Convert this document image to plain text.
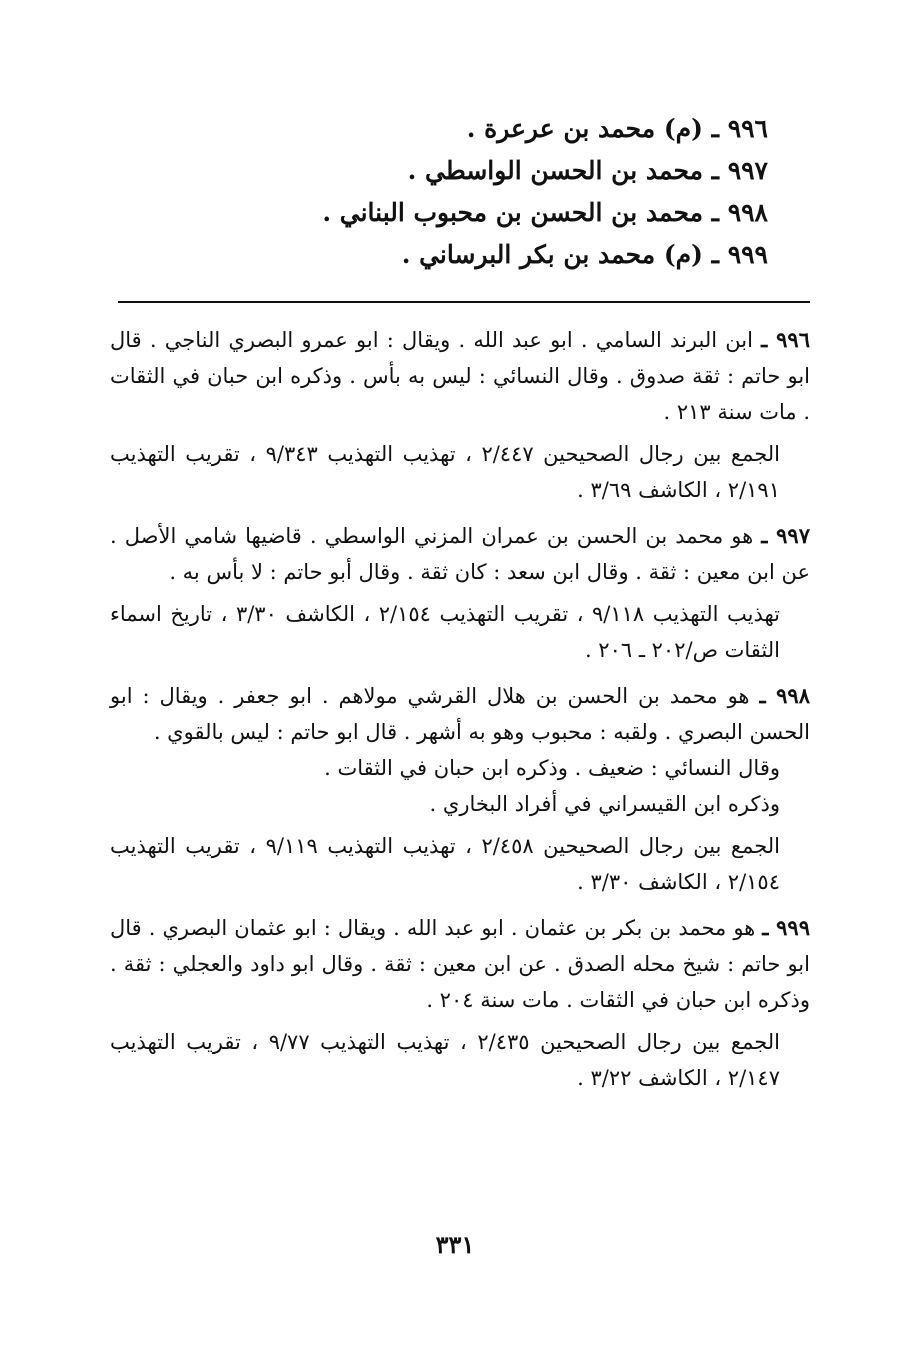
٩٩٦ ـ (م) محمد بن عرعرة .
٩٩٧ ـ محمد بن الحسن الواسطي .
٩٩٨ ـ محمد بن الحسن بن محبوب البناني .
٩٩٩ ـ (م) محمد بن بكر البرساني .

٩٩٦ ـ ابن البرند السامي . ابو عبد الله . ويقال : ابو عمرو البصري الناجي . قال ابو حاتم : ثقة صدوق . وقال النسائي : ليس به بأس . وذكره ابن حبان في الثقات . مات سنة ٢١٣ .

الجمع بين رجال الصحيحين ٢/٤٤٧ ، تهذيب التهذيب ٩/٣٤٣ ، تقريب التهذيب ٢/١٩١ ، الكاشف ٣/٦٩ .

٩٩٧ ـ هو محمد بن الحسن بن عمران المزني الواسطي . قاضيها شامي الأصل . عن ابن معين : ثقة . وقال ابن سعد : كان ثقة . وقال أبو حاتم : لا بأس به .

تهذيب التهذيب ٩/١١٨ ، تقريب التهذيب ٢/١٥٤ ، الكاشف ٣/٣٠ ، تاريخ اسماء الثقات ص/٢٠٢ ـ ٢٠٦ .

٩٩٨ ـ هو محمد بن الحسن بن هلال القرشي مولاهم . ابو جعفر . ويقال : ابو الحسن البصري . ولقبه : محبوب وهو به أشهر . قال ابو حاتم : ليس بالقوي .

وقال النسائي : ضعيف . وذكره ابن حبان في الثقات .

وذكره ابن القيسراني في أفراد البخاري .

الجمع بين رجال الصحيحين ٢/٤٥٨ ، تهذيب التهذيب ٩/١١٩ ، تقريب التهذيب ٢/١٥٤ ، الكاشف ٣/٣٠ .

٩٩٩ ـ هو محمد بن بكر بن عثمان . ابو عبد الله . ويقال : ابو عثمان البصري . قال ابو حاتم : شيخ محله الصدق . عن ابن معين : ثقة . وقال ابو داود والعجلي : ثقة . وذكره ابن حبان في الثقات . مات سنة ٢٠٤ .

الجمع بين رجال الصحيحين ٢/٤٣٥ ، تهذيب التهذيب ٩/٧٧ ، تقريب التهذيب ٢/١٤٧ ، الكاشف ٣/٢٢ .

٣٣١
